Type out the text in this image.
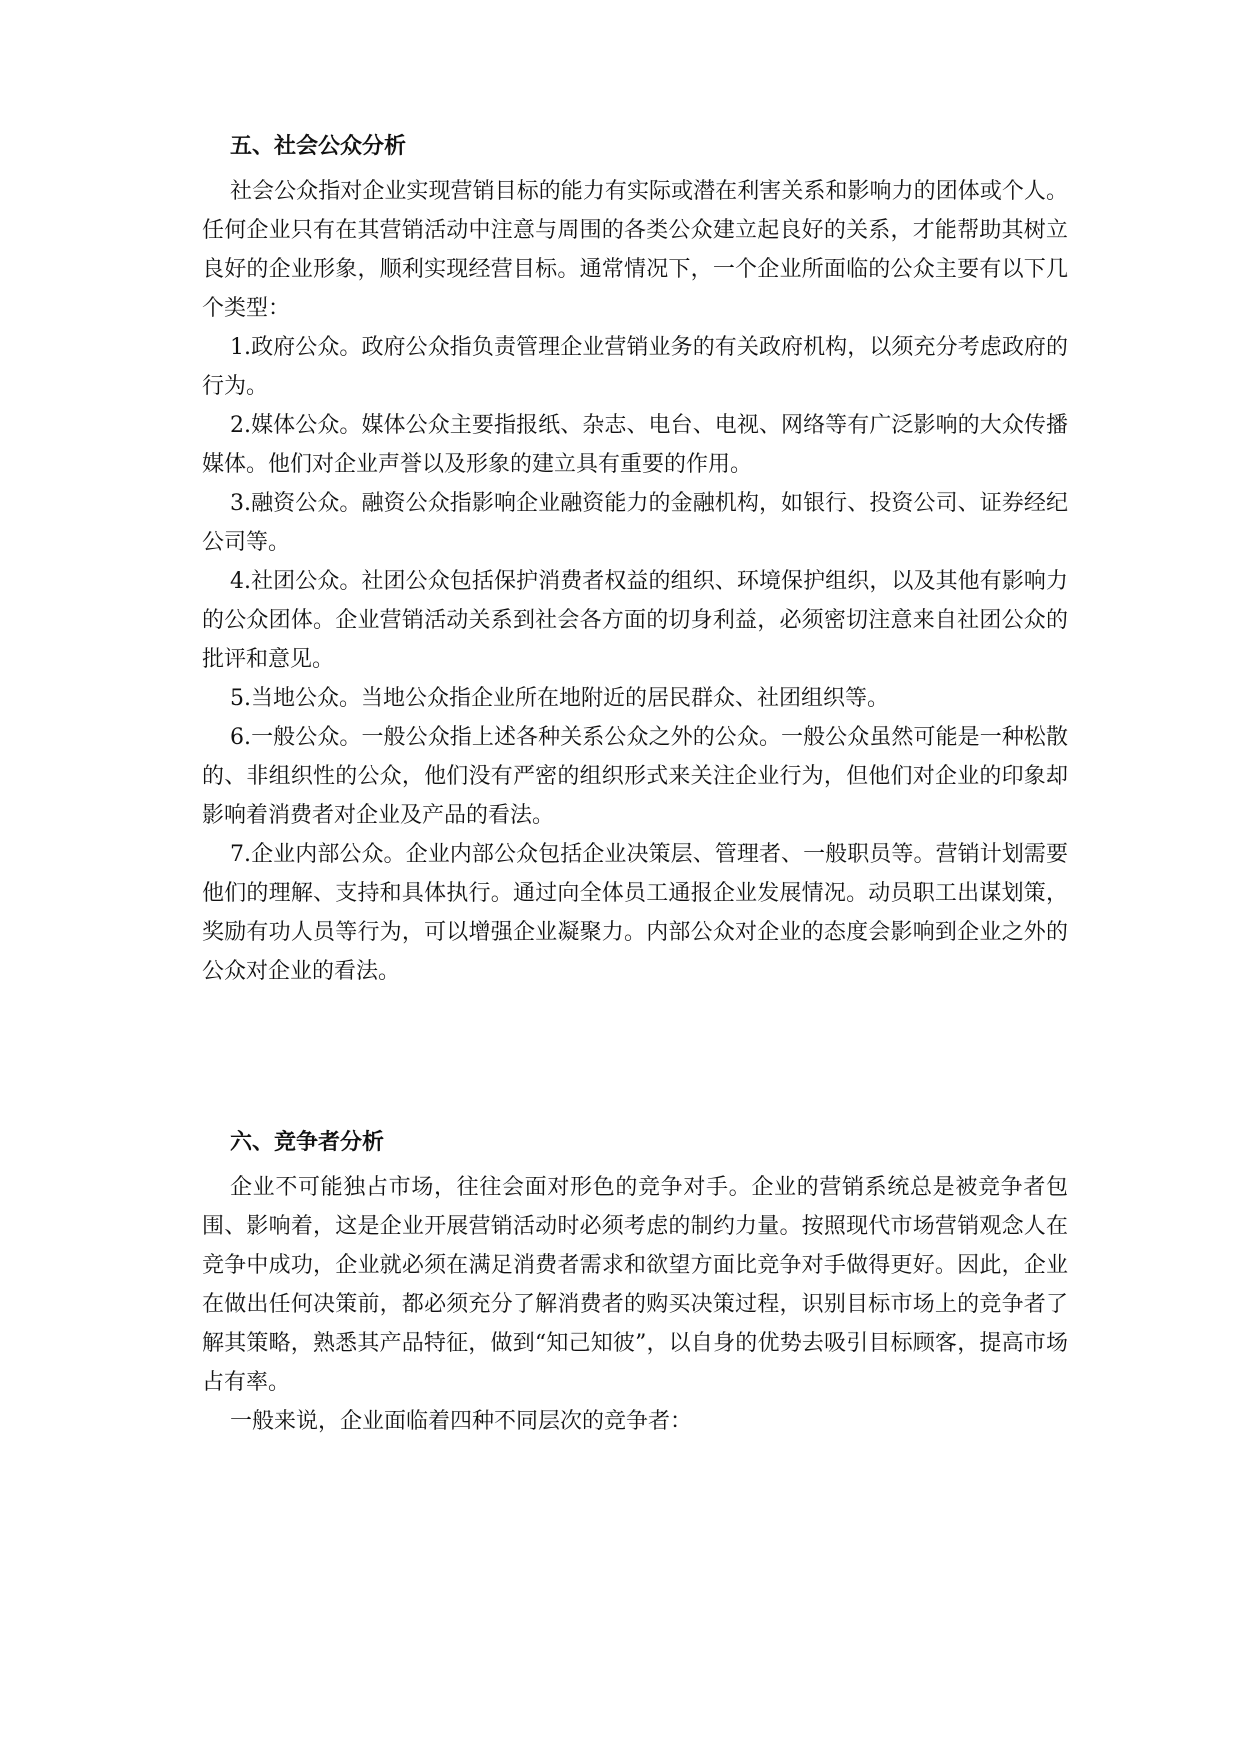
五、社会公众分析

社会公众指对企业实现营销目标的能力有实际或潜在利害关系和影响力的团体或个人。任何企业只有在其营销活动中注意与周围的各类公众建立起良好的关系，才能帮助其树立良好的企业形象，顺利实现经营目标。通常情况下，一个企业所面临的公众主要有以下几个类型：

1.政府公众。政府公众指负责管理企业营销业务的有关政府机构，以须充分考虑政府的行为。

2.媒体公众。媒体公众主要指报纸、杂志、电台、电视、网络等有广泛影响的大众传播媒体。他们对企业声誉以及形象的建立具有重要的作用。

3.融资公众。融资公众指影响企业融资能力的金融机构，如银行、投资公司、证券经纪公司等。

4.社团公众。社团公众包括保护消费者权益的组织、环境保护组织，以及其他有影响力的公众团体。企业营销活动关系到社会各方面的切身利益，必须密切注意来自社团公众的批评和意见。

5.当地公众。当地公众指企业所在地附近的居民群众、社团组织等。

6.一般公众。一般公众指上述各种关系公众之外的公众。一般公众虽然可能是一种松散的、非组织性的公众，他们没有严密的组织形式来关注企业行为，但他们对企业的印象却影响着消费者对企业及产品的看法。

7.企业内部公众。企业内部公众包括企业决策层、管理者、一般职员等。营销计划需要他们的理解、支持和具体执行。通过向全体员工通报企业发展情况。动员职工出谋划策，奖励有功人员等行为，可以增强企业凝聚力。内部公众对企业的态度会影响到企业之外的公众对企业的看法。

六、竞争者分析

企业不可能独占市场，往往会面对形色的竞争对手。企业的营销系统总是被竞争者包围、影响着，这是企业开展营销活动时必须考虑的制约力量。按照现代市场营销观念人在竞争中成功，企业就必须在满足消费者需求和欲望方面比竞争对手做得更好。因此，企业在做出任何决策前，都必须充分了解消费者的购买决策过程，识别目标市场上的竞争者了解其策略，熟悉其产品特征，做到“知己知彼”，以自身的优势去吸引目标顾客，提高市场占有率。

一般来说，企业面临着四种不同层次的竞争者：
